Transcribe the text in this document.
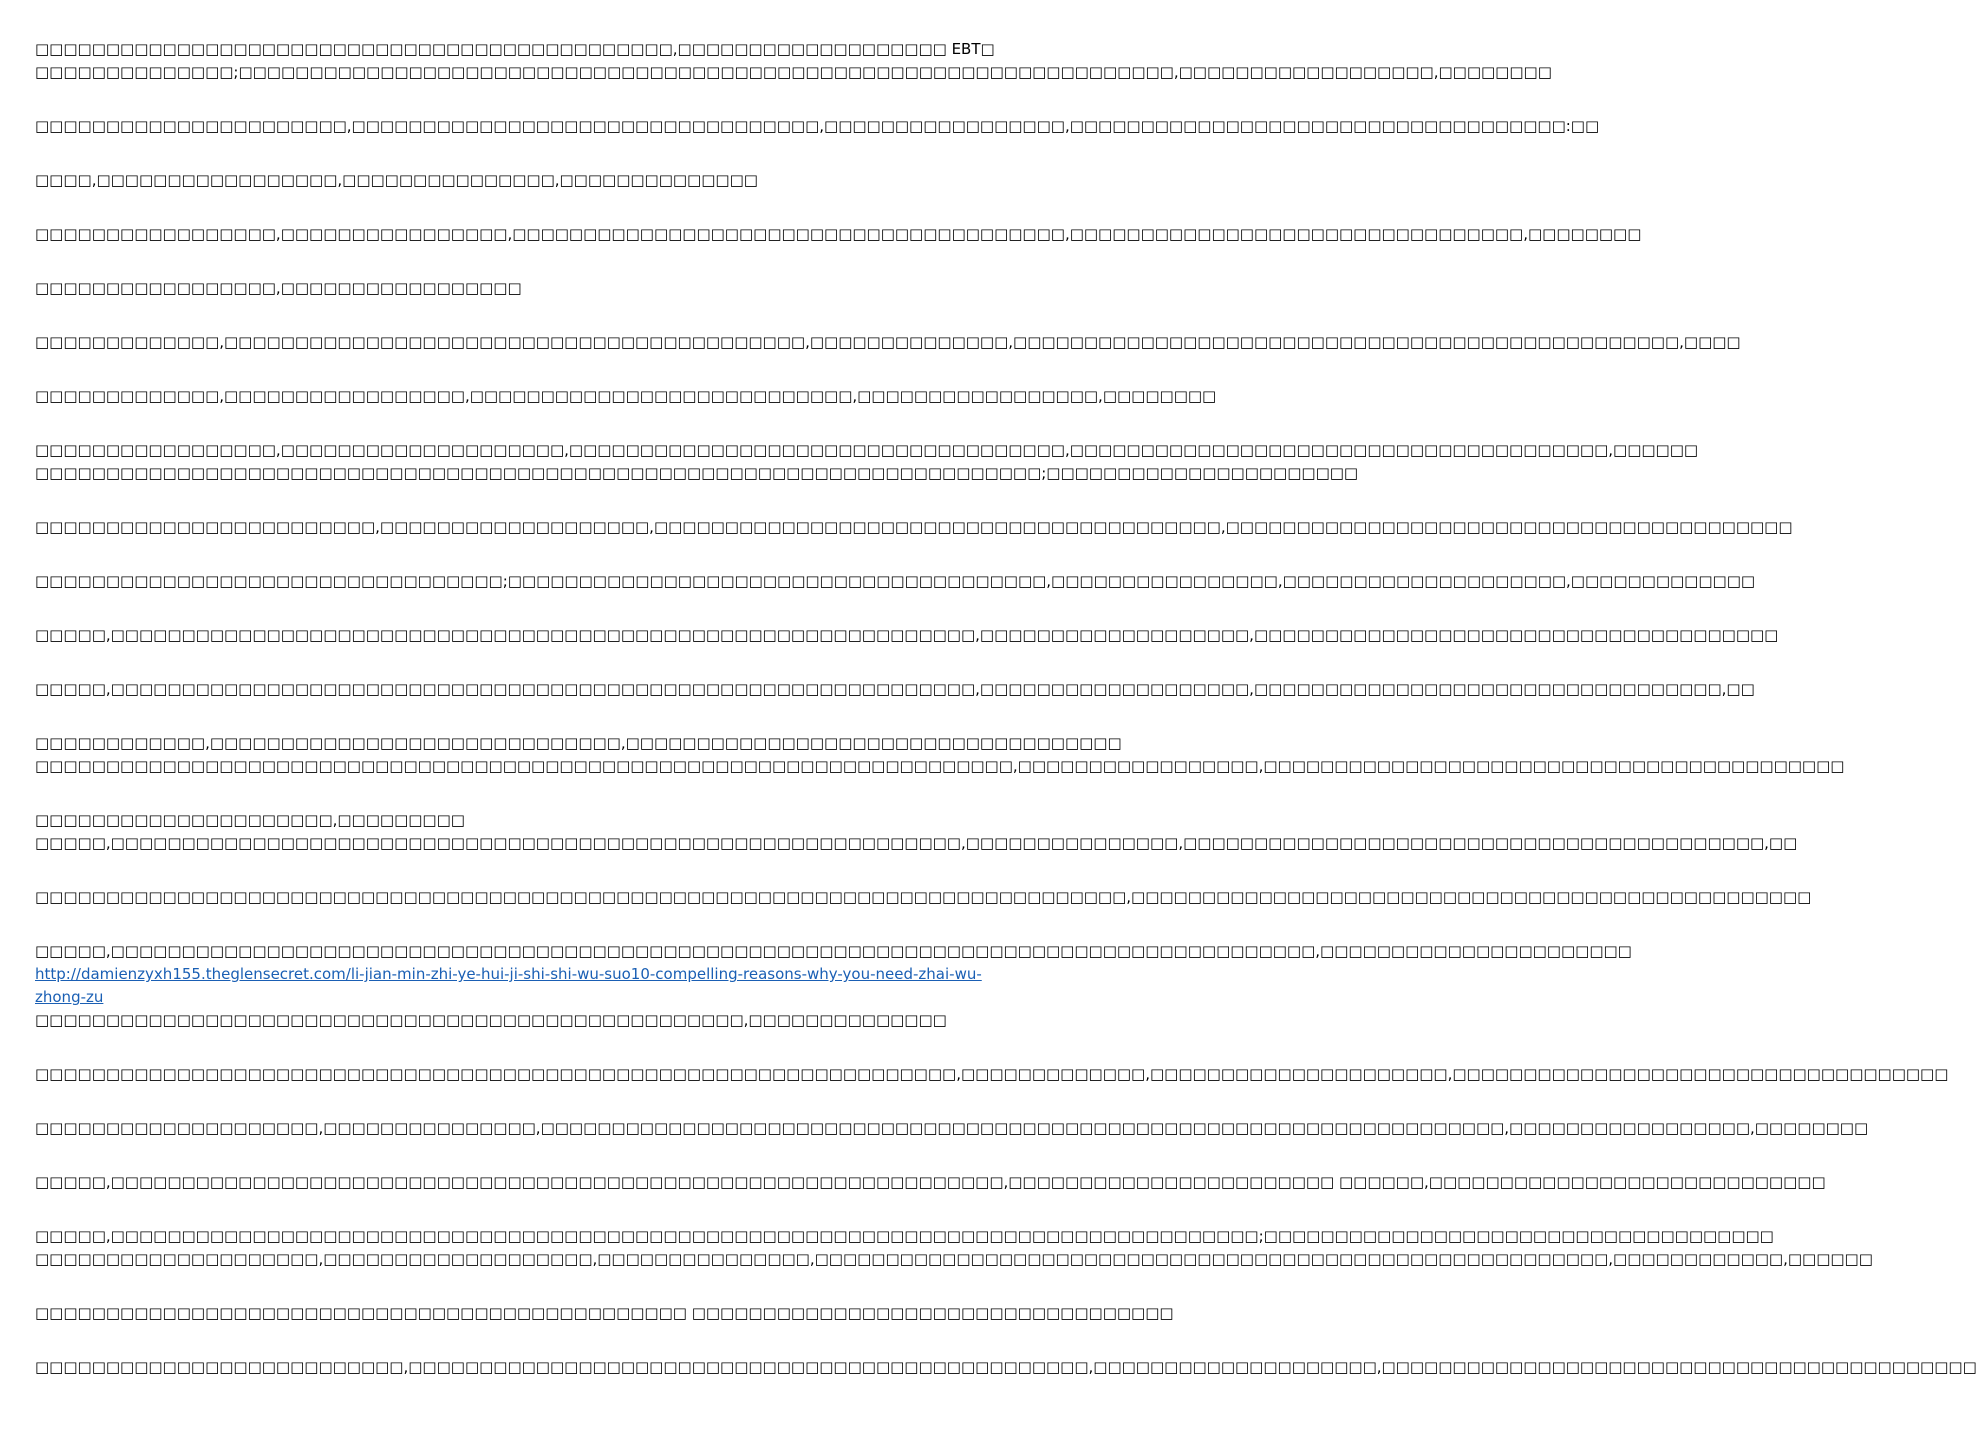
□□□□□□□□□□□□□□□□□□□□□□□□□□□□□□□□□□□□□□□□□□□□□,□□□□□□□□□□□□□□□□□□□ EBT□
□□□□□□□□□□□□□□;□□□□□□□□□□□□□□□□□□□□□□□□□□□□□□□□□□□□□□□□□□□□□□□□□□□□□□□□□□□□□□□□□□,□□□□□□□□□□□□□□□□□□,□□□□□□□□
□□□□□□□□□□□□□□□□□□□□□□,□□□□□□□□□□□□□□□□□□□□□□□□□□□□□□□□□,□□□□□□□□□□□□□□□□□,□□□□□□□□□□□□□□□□□□□□□□□□□□□□□□□□□□□:□□
□□□□,□□□□□□□□□□□□□□□□□,□□□□□□□□□□□□□□□,□□□□□□□□□□□□□□
□□□□□□□□□□□□□□□□□,□□□□□□□□□□□□□□□□,□□□□□□□□□□□□□□□□□□□□□□□□□□□□□□□□□□□□□□□,□□□□□□□□□□□□□□□□□□□□□□□□□□□□□□□□,□□□□□□□□
□□□□□□□□□□□□□□□□□,□□□□□□□□□□□□□□□□□
□□□□□□□□□□□□□,□□□□□□□□□□□□□□□□□□□□□□□□□□□□□□□□□□□□□□□□□,□□□□□□□□□□□□□□,□□□□□□□□□□□□□□□□□□□□□□□□□□□□□□□□□□□□□□□□□□□□□□□,□□□□
□□□□□□□□□□□□□,□□□□□□□□□□□□□□□□□,□□□□□□□□□□□□□□□□□□□□□□□□□□□,□□□□□□□□□□□□□□□□□,□□□□□□□□
□□□□□□□□□□□□□□□□□,□□□□□□□□□□□□□□□□□□□□,□□□□□□□□□□□□□□□□□□□□□□□□□□□□□□□□□□□,□□□□□□□□□□□□□□□□□□□□□□□□□□□□□□□□□□□□□□,□□□□□□
□□□□□□□□□□□□□□□□□□□□□□□□□□□□□□□□□□□□□□□□□□□□□□□□□□□□□□□□□□□□□□□□□□□□□□□;□□□□□□□□□□□□□□□□□□□□□□
□□□□□□□□□□□□□□□□□□□□□□□□,□□□□□□□□□□□□□□□□□□□,□□□□□□□□□□□□□□□□□□□□□□□□□□□□□□□□□□□□□□□□,□□□□□□□□□□□□□□□□□□□□□□□□□□□□□□□□□□□□□□□□
□□□□□□□□□□□□□□□□□□□□□□□□□□□□□□□□□;□□□□□□□□□□□□□□□□□□□□□□□□□□□□□□□□□□□□□□,□□□□□□□□□□□□□□□□,□□□□□□□□□□□□□□□□□□□□,□□□□□□□□□□□□□
□□□□□,□□□□□□□□□□□□□□□□□□□□□□□□□□□□□□□□□□□□□□□□□□□□□□□□□□□□□□□□□□□□□,□□□□□□□□□□□□□□□□□□□,□□□□□□□□□□□□□□□□□□□□□□□□□□□□□□□□□□□□□
□□□□□,□□□□□□□□□□□□□□□□□□□□□□□□□□□□□□□□□□□□□□□□□□□□□□□□□□□□□□□□□□□□□,□□□□□□□□□□□□□□□□□□□,□□□□□□□□□□□□□□□□□□□□□□□□□□□□□□□□□,□□
□□□□□□□□□□□□,□□□□□□□□□□□□□□□□□□□□□□□□□□□□□,□□□□□□□□□□□□□□□□□□□□□□□□□□□□□□□□□□□
□□□□□□□□□□□□□□□□□□□□□□□□□□□□□□□□□□□□□□□□□□□□□□□□□□□□□□□□□□□□□□□□□□□□□,□□□□□□□□□□□□□□□□□,□□□□□□□□□□□□□□□□□□□□□□□□□□□□□□□□□□□□□□□□□
□□□□□□□□□□□□□□□□□□□□□,□□□□□□□□□
□□□□□,□□□□□□□□□□□□□□□□□□□□□□□□□□□□□□□□□□□□□□□□□□□□□□□□□□□□□□□□□□□□,□□□□□□□□□□□□□□□,□□□□□□□□□□□□□□□□□□□□□□□□□□□□□□□□□□□□□□□□□,□□
□□□□□□□□□□□□□□□□□□□□□□□□□□□□□□□□□□□□□□□□□□□□□□□□□□□□□□□□□□□□□□□□□□□□□□□□□□□□□,□□□□□□□□□□□□□□□□□□□□□□□□□□□□□□□□□□□□□□□□□□□□□□□□
□□□□□,□□□□□□□□□□□□□□□□□□□□□□□□□□□□□□□□□□□□□□□□□□□□□□□□□□□□□□□□□□□□□□□□□□□□□□□□□□□□□□□□□□□□□,□□□□□□□□□□□□□□□□□□□□□□
http://damienzyxh155.theglensecret.com/li-jian-min-zhi-ye-hui-ji-shi-shi-wu-suo10-compelling-reasons-why-you-need-zhai-wu-zhong-zu □□□□□□□□□□□□□□□□□□□□□□□□□□□□□□□□□□□□□□□□□□□□□□□□□□,□□□□□□□□□□□□□□
□□□□□□□□□□□□□□□□□□□□□□□□□□□□□□□□□□□□□□□□□□□□□□□□□□□□□□□□□□□□□□□□□,□□□□□□□□□□□□□,□□□□□□□□□□□□□□□□□□□□□,□□□□□□□□□□□□□□□□□□□□□□□□□□□□□□□□□□□
□□□□□□□□□□□□□□□□□□□□,□□□□□□□□□□□□□□□,□□□□□□□□□□□□□□□□□□□□□□□□□□□□□□□□□□□□□□□□□□□□□□□□□□□□□□□□□□□□□□□□□□□□,□□□□□□□□□□□□□□□□□,□□□□□□□□
□□□□□,□□□□□□□□□□□□□□□□□□□□□□□□□□□□□□□□□□□□□□□□□□□□□□□□□□□□□□□□□□□□□□□,□□□□□□□□□□□□□□□□□□□□□□□ □□□□□□,□□□□□□□□□□□□□□□□□□□□□□□□□□□□
□□□□□,□□□□□□□□□□□□□□□□□□□□□□□□□□□□□□□□□□□□□□□□□□□□□□□□□□□□□□□□□□□□□□□□□□□□□□□□□□□□□□□□□;□□□□□□□□□□□□□□□□□□□□□□□□□□□□□□□□□□□□
□□□□□□□□□□□□□□□□□□□□,□□□□□□□□□□□□□□□□□□□,□□□□□□□□□□□□□□□,□□□□□□□□□□□□□□□□□□□□□□□□□□□□□□□□□□□□□□□□□□□□□□□□□□□□□□□□,□□□□□□□□□□□□,□□□□□□
□□□□□□□□□□□□□□□□□□□□□□□□□□□□□□□□□□□□□□□□□□□□□□ □□□□□□□□□□□□□□□□□□□□□□□□□□□□□□□□□□
□□□□□□□□□□□□□□□□□□□□□□□□□□,□□□□□□□□□□□□□□□□□□□□□□□□□□□□□□□□□□□□□□□□□□□□□□□□,□□□□□□□□□□□□□□□□□□□□,□□□□□□□□□□□□□□□□□□□□□□□□□□□□□□□□□□□□□□□□□□
